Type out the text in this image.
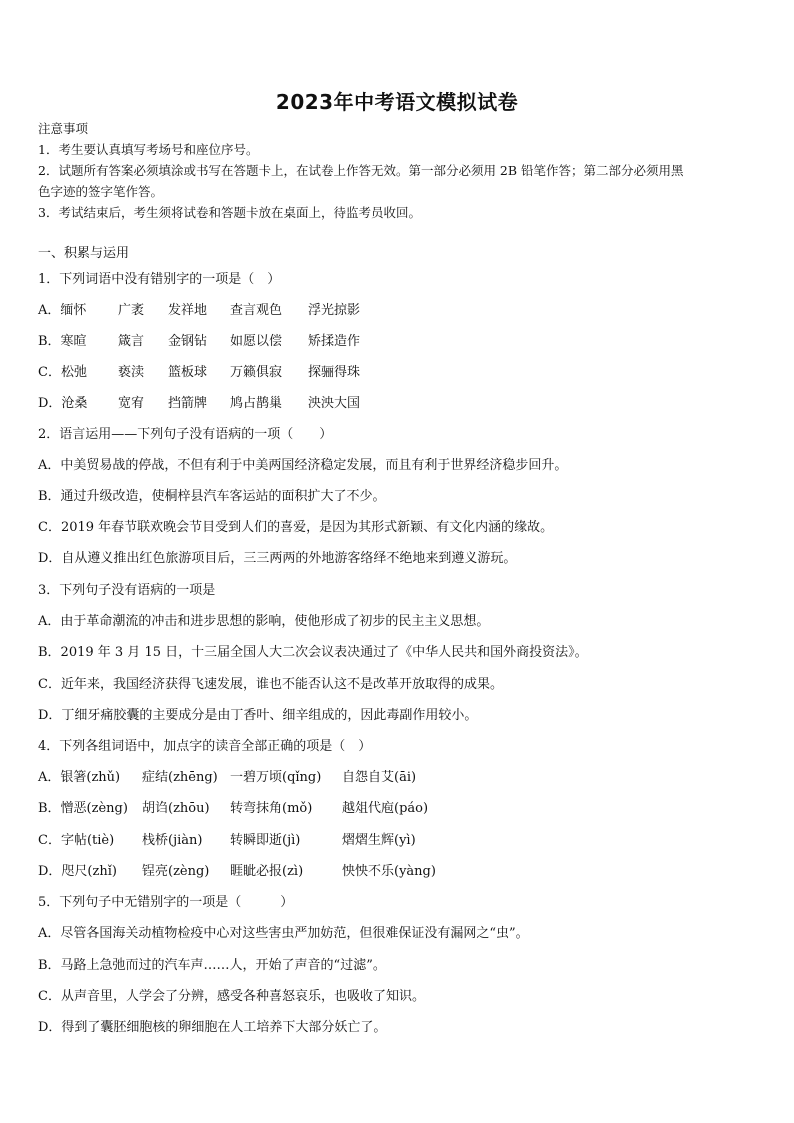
2023年中考语文模拟试卷
注意事项
1．考生要认真填写考场号和座位序号。
2．试题所有答案必须填涂或书写在答题卡上，在试卷上作答无效。第一部分必须用 2B 铅笔作答；第二部分必须用黑
色字迹的签字笔作答。
3．考试结束后，考生须将试卷和答题卡放在桌面上，待监考员收回。
一、积累与运用
1．下列词语中没有错别字的一项是（　）
A．缅怀 广袤 发祥地 查言观色 浮光掠影
B．寒暄 箴言 金钢钻 如愿以偿 矫揉造作
C．松弛 亵渎 篮板球 万籁俱寂 探骊得珠
D．沧桑 宽宥 挡箭牌 鸠占鹊巢 泱泱大国
2．语言运用——下列句子没有语病的一项（　　）
A．中美贸易战的停战，不但有利于中美两国经济稳定发展，而且有利于世界经济稳步回升。
B．通过升级改造，使桐梓县汽车客运站的面积扩大了不少。
C．2019 年春节联欢晚会节目受到人们的喜爱，是因为其形式新颖、有文化内涵的缘故。
D．自从遵义推出红色旅游项目后，三三两两的外地游客络绎不绝地来到遵义游玩。
3．下列句子没有语病的一项是
A．由于革命潮流的冲击和进步思想的影响，使他形成了初步的民主主义思想。
B．2019 年 3 月 15 日，十三届全国人大二次会议表决通过了《中华人民共和国外商投资法》。
C．近年来，我国经济获得飞速发展，谁也不能否认这不是改革开放取得的成果。
D．丁细牙痛胶囊的主要成分是由丁香叶、细辛组成的，因此毒副作用较小。
4．下列各组词语中，加点字的读音全部正确的项是（　）
A．银箸(zhǔ) 症结(zhēng) 一碧万顷(qǐng) 自怨自艾(āi)
B．憎恶(zèng) 胡诌(zhōu) 转弯抹角(mǒ) 越俎代庖(páo)
C．字帖(tiè) 栈桥(jiàn) 转瞬即逝(jì)	熠熠生辉(yì)
D．咫尺(zhǐ) 锃亮(zèng) 睚眦必报(zì)	怏怏不乐(yàng)
5．下列句子中无错别字的一项是（　　　）
A．尽管各国海关动植物检疫中心对这些害虫严加妨范，但很难保证没有漏网之“虫”。
B．马路上急弛而过的汽车声……人，开始了声音的“过滤”。
C．从声音里，人学会了分辨，感受各种喜怒哀乐，也吸收了知识。
D．得到了囊胚细胞核的卵细胞在人工培养下大部分妖亡了。
